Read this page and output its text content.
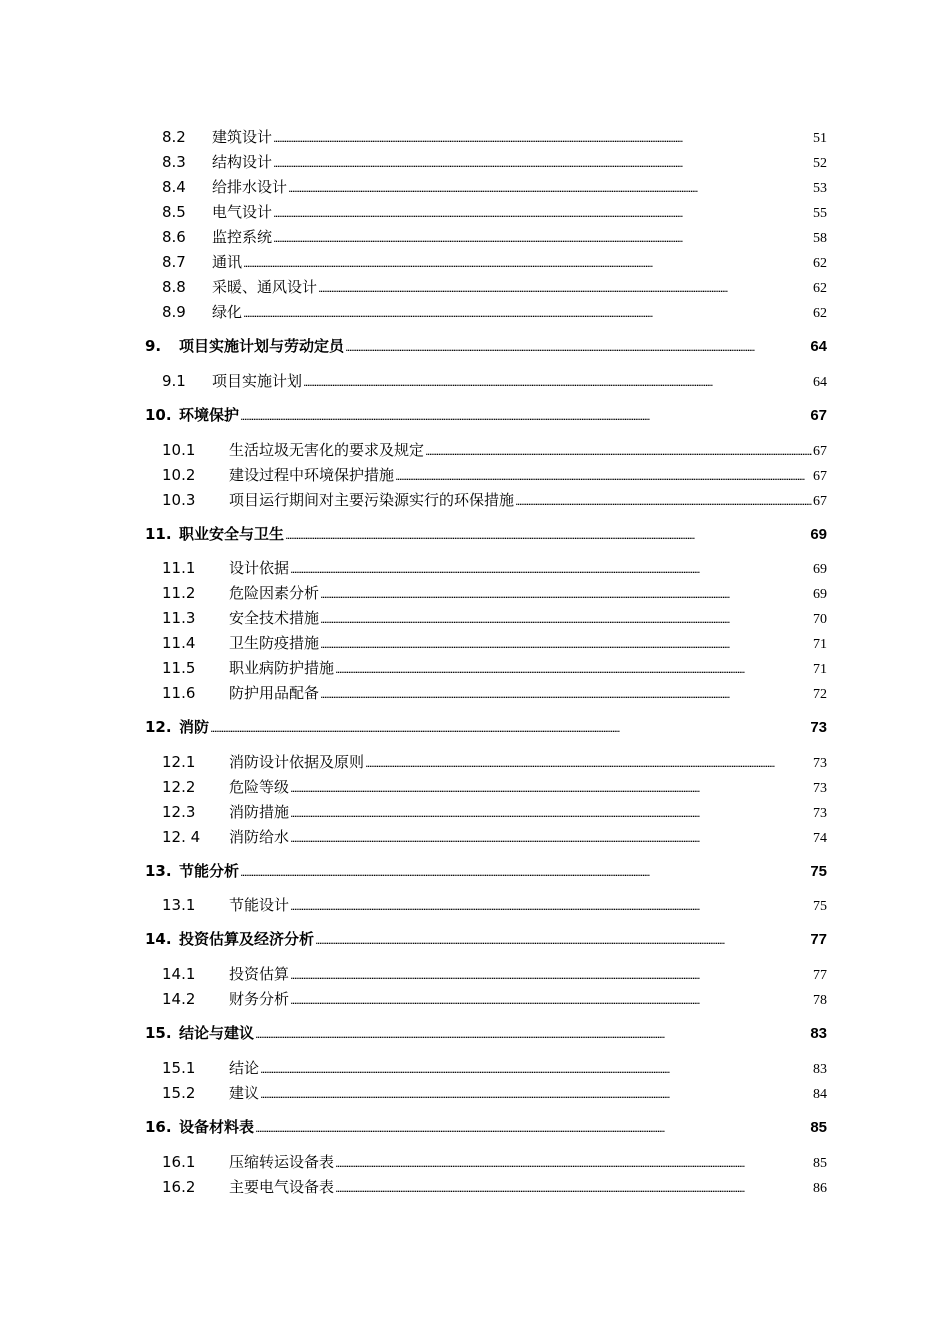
8.2	建筑设计 . . .	51
8.3	结构设计 . . .	52
8.4	给排水设计 . . .	53
8.5	电气设计 . . .	55
8.6	监控系统 . . .	58
8.7	通讯 . . .	62
8.8	采暖、通风设计 . . .	62
8.9	绿化 . . .	62
9.	项目实施计划与劳动定员 . . .	64
9.1	项目实施计划 . . .	64
10. 环境保护 . . .	67
10.1	生活垃圾无害化的要求及规定 . . .	67
10.2	建设过程中环境保护措施 . . .	67
10.3	项目运行期间对主要污染源实行的环保措施 . . .	67
11. 职业安全与卫生 . . .	69
11.1	设计依据 . . .	69
11.2	危险因素分析 . . .	69
11.3	安全技术措施 . . .	70
11.4	卫生防疫措施 . . .	71
11.5	职业病防护措施 . . .	71
11.6	防护用品配备 . . .	72
12. 消防 . . .	73
12.1	消防设计依据及原则 . . .	73
12.2	危险等级 . . .	73
12.3	消防措施 . . .	73
12. 4	消防给水 . . .	74
13. 节能分析 . . .	75
13.1	节能设计 . . .	75
14. 投资估算及经济分析 . . .	77
14.1	投资估算 . . .	77
14.2	财务分析 . . .	78
15. 结论与建议 . . .	83
15.1	结论 . . .	83
15.2	建议 . . .	84
16. 设备材料表 . . .	85
16.1	压缩转运设备表 . . .	85
16.2	主要电气设备表 . . .	86
